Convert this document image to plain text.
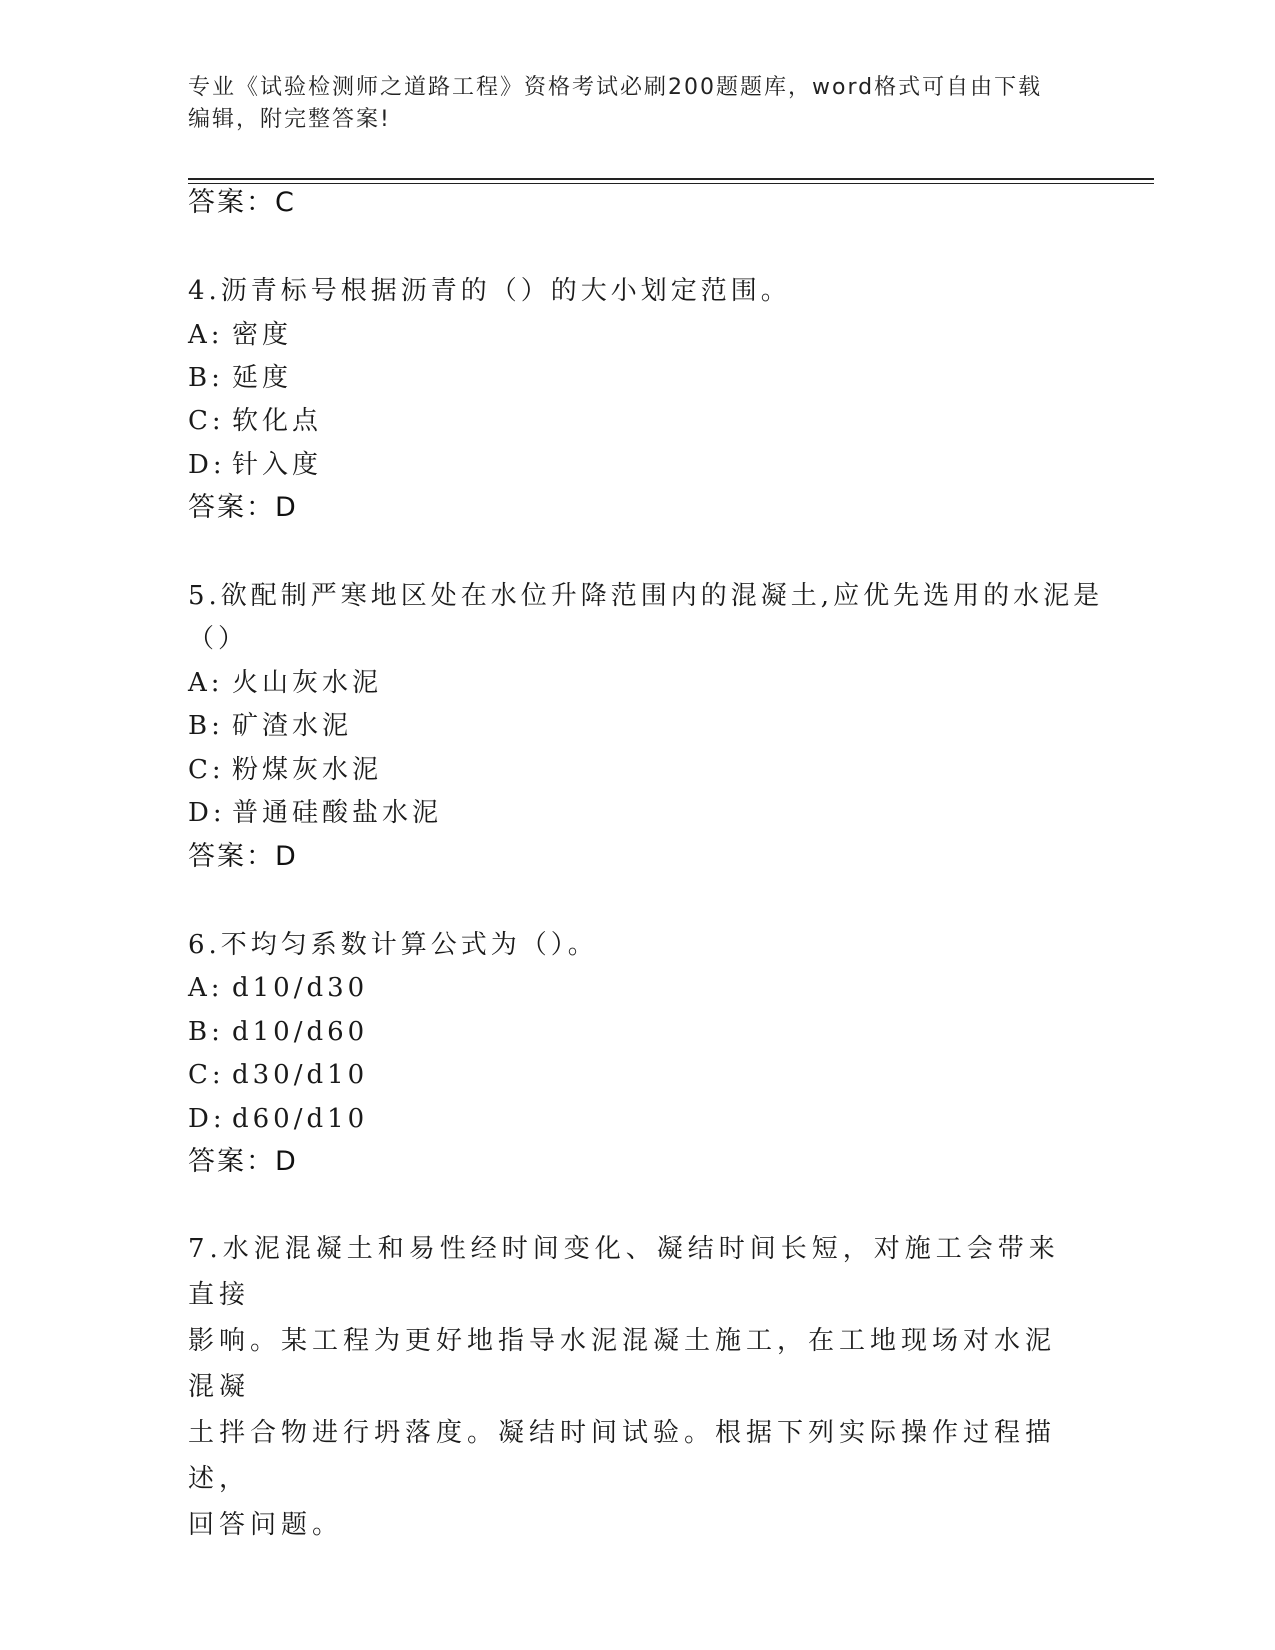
专业《试验检测师之道路工程》资格考试必刷200题题库，word格式可自由下载
编辑，附完整答案!
答案：C
4.沥青标号根据沥青的（）的大小划定范围。
A: 密度
B: 延度
C: 软化点
D: 针入度
答案：D
5.欲配制严寒地区处在水位升降范围内的混凝土,应优先选用的水泥是
（）
A: 火山灰水泥
B: 矿渣水泥
C: 粉煤灰水泥
D: 普通硅酸盐水泥
答案：D
6.不均匀系数计算公式为（）。
A: d10/d30
B: d10/d60
C: d30/d10
D: d60/d10
答案：D
7.水泥混凝土和易性经时间变化、凝结时间长短，对施工会带来直接
影响。某工程为更好地指导水泥混凝土施工，在工地现场对水泥混凝
土拌合物进行坍落度。凝结时间试验。根据下列实际操作过程描述，
回答问题。
